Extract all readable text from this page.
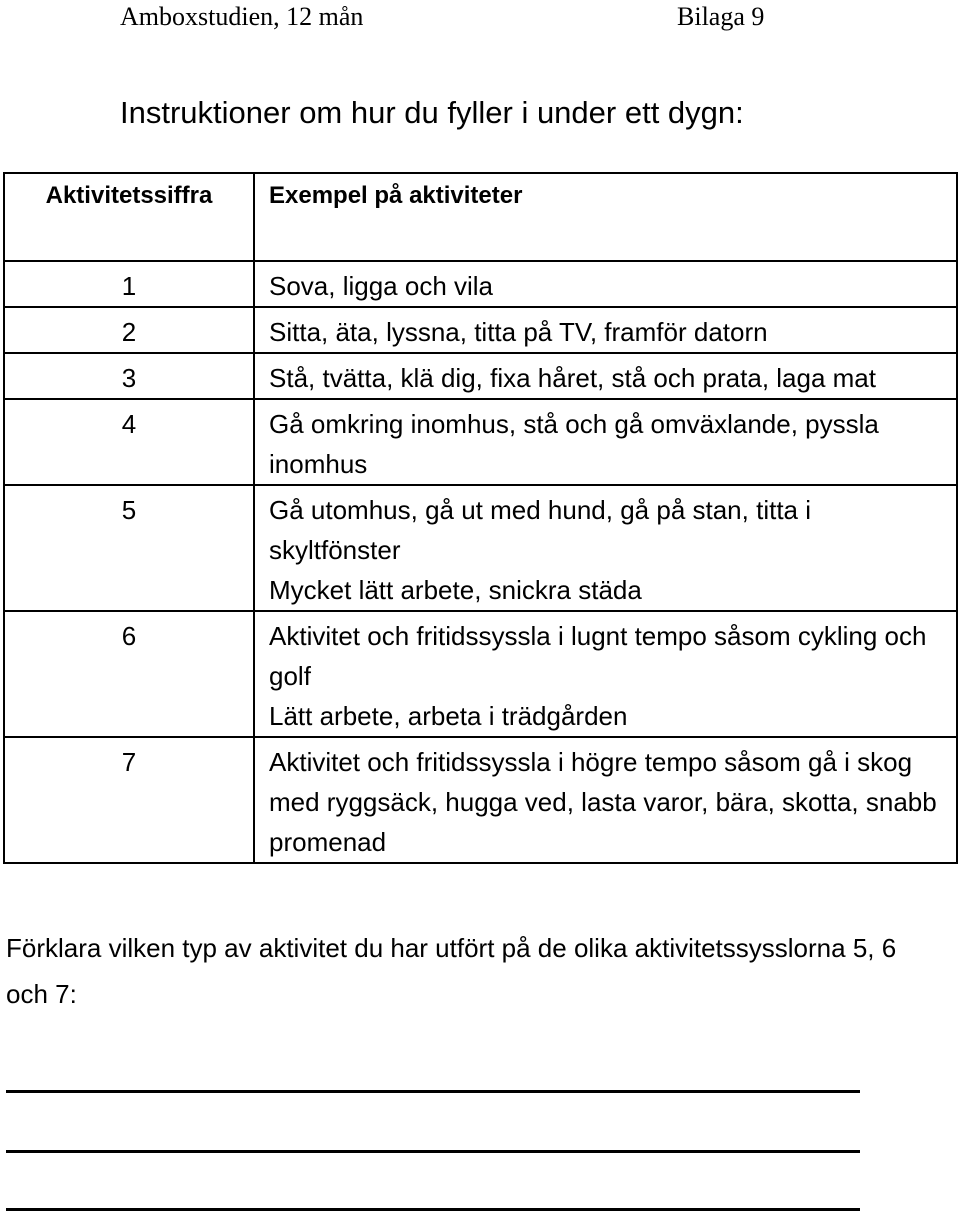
Amboxstudien, 12 mån	Bilaga 9
Instruktioner om hur du fyller i under ett dygn:
Aktivitetssiffra	Exempel på aktiviteter
1	Sova, ligga och vila

2	Sitta, äta, lyssna, titta på TV, framför datorn

3	Stå, tvätta, klä dig, fixa håret, stå och prata, laga mat

4	Gå omkring inomhus, stå och gå omväxlande, pyssla inomhus

5	Gå utomhus, gå ut med hund, gå på stan, titta i skyltfönster
Mycket lätt arbete, snickra städa

6	Aktivitet och fritidssyssla i lugnt tempo såsom cykling och golf
Lätt arbete, arbeta i trädgården

7	Aktivitet och fritidssyssla i högre tempo såsom gå i skog med ryggsäck, hugga ved, lasta varor, bära, skotta, snabb promenad
Förklara vilken typ av aktivitet du har utfört på de olika aktivitetssysslorna 5, 6 och 7:
